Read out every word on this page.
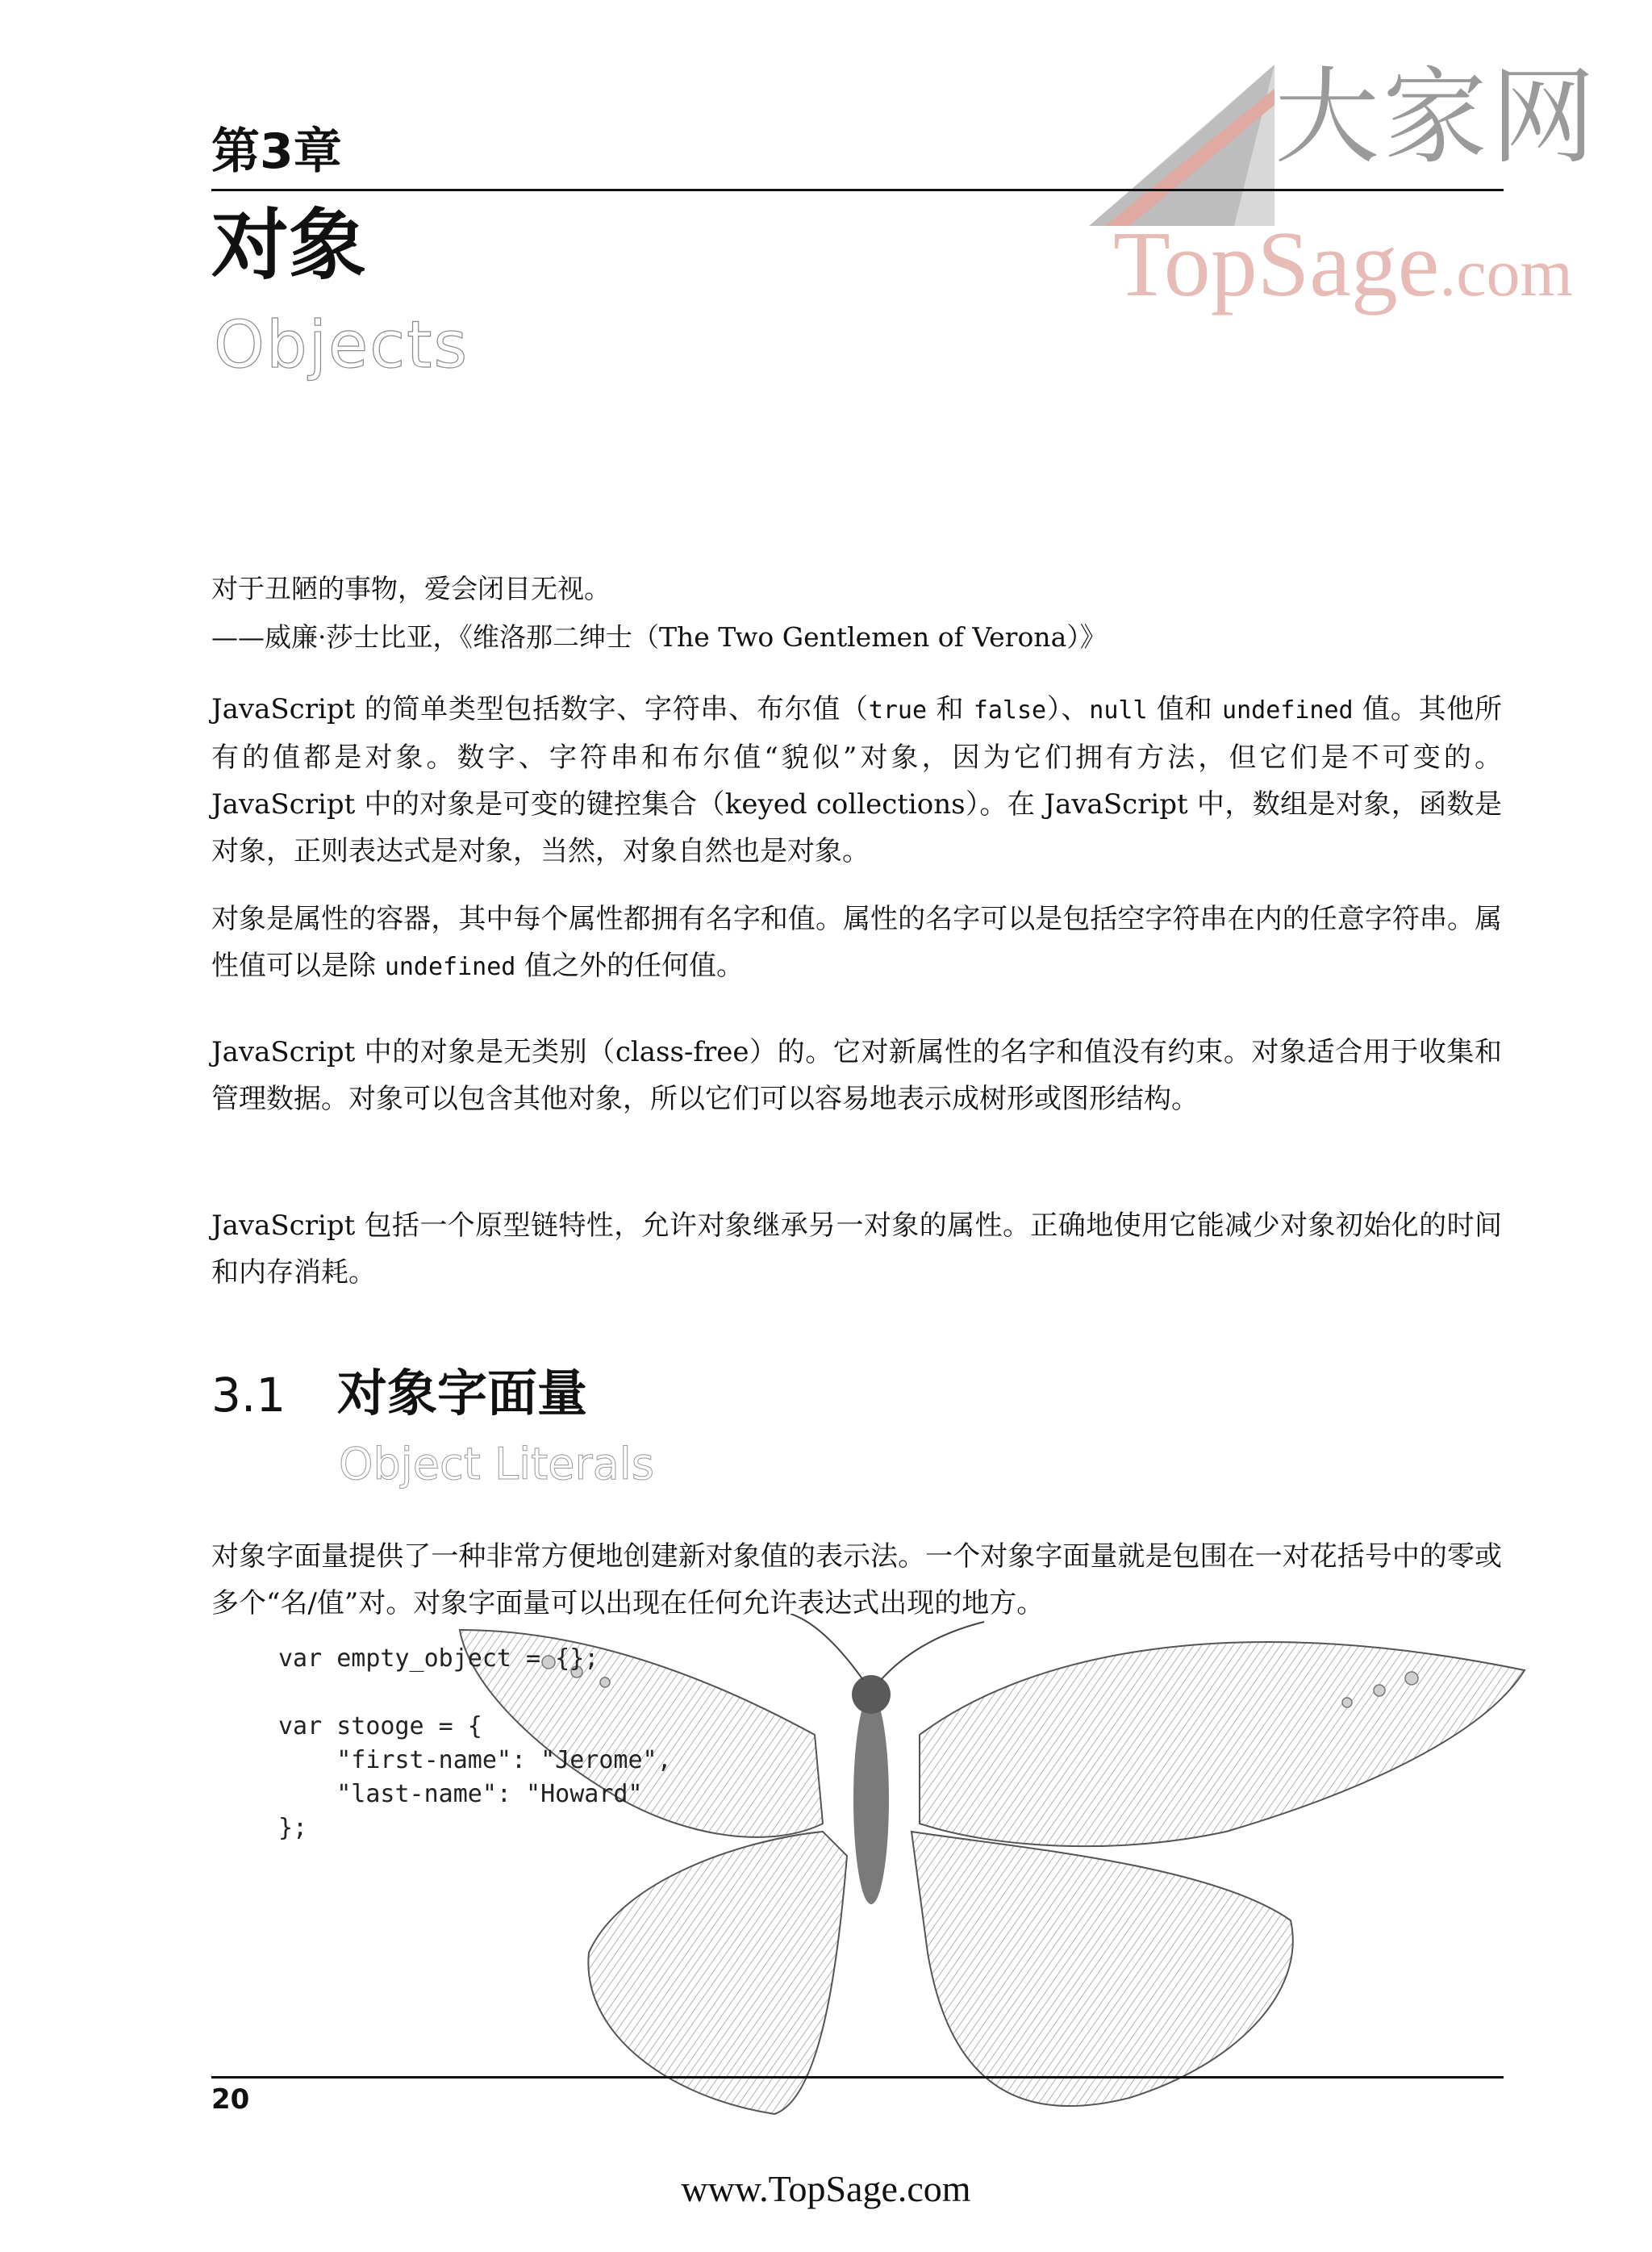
大家网
TopSage.com
第3章
对象
Objects
对于丑陋的事物，爱会闭目无视。
——威廉·莎士比亚，《维洛那二绅士（The Two Gentlemen of Verona）》
JavaScript 的简单类型包括数字、字符串、布尔值（true 和 false）、null 值和 undefined 值。其他所有的值都是对象。数字、字符串和布尔值“貌似”对象，因为它们拥有方法，但它们是不可变的。JavaScript 中的对象是可变的键控集合（keyed collections）。在 JavaScript 中，数组是对象，函数是对象，正则表达式是对象，当然，对象自然也是对象。
对象是属性的容器，其中每个属性都拥有名字和值。属性的名字可以是包括空字符串在内的任意字符串。属性值可以是除 undefined 值之外的任何值。
JavaScript 中的对象是无类别（class-free）的。它对新属性的名字和值没有约束。对象适合用于收集和管理数据。对象可以包含其他对象，所以它们可以容易地表示成树形或图形结构。
JavaScript 包括一个原型链特性，允许对象继承另一对象的属性。正确地使用它能减少对象初始化的时间和内存消耗。
3.1 对象字面量
Object Literals
对象字面量提供了一种非常方便地创建新对象值的表示法。一个对象字面量就是包围在一对花括号中的零或多个“名/值”对。对象字面量可以出现在任何允许表达式出现的地方。
var empty_object = {};

var stooge = {
"first-name": "Jerome",
"last-name": "Howard"
};
20
www.TopSage.com
